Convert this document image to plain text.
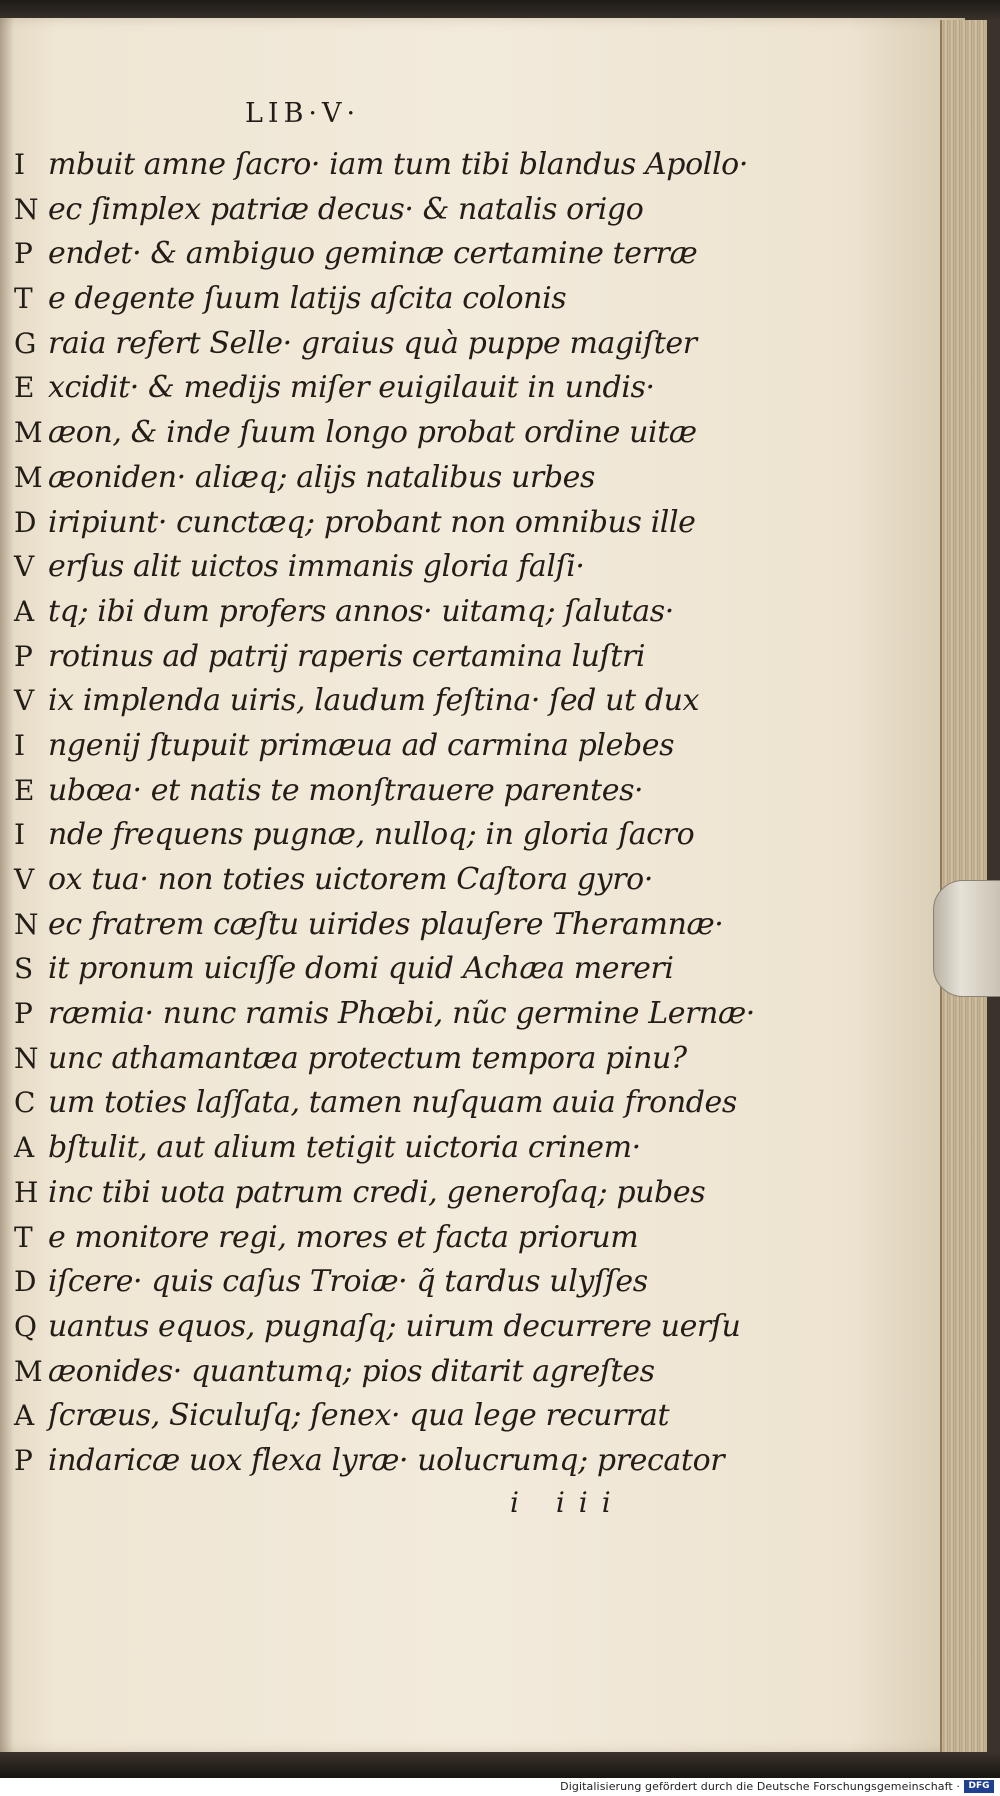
LIB·V·
I mbuit amne ſacro· iam tum tibi blandus Apollo·
N ec ſimplex patriæ decus· & natalis origo
P endet· & ambiguo geminæ certamine terræ
T e degente ſuum latijs aſcita colonis
G raia refert Selle· graius quà puppe magiſter
E xcidit· & medijs miſer euigilauit in undis·
M æon, & inde ſuum longo probat ordine uitæ
M æoniden· aliæq; alijs natalibus urbes
D iripiunt· cunctæq; probant non omnibus ille
V erſus alit uictos immanis gloria falſi·
A tq; ibi dum profers annos· uitamq; ſalutas·
P rotinus ad patrij raperis certamina luſtri
V ix implenda uiris, laudum feſtina· ſed ut dux
I ngenij ſtupuit primæua ad carmina plebes
E ubœa· et natis te monſtrauere parentes·
I nde frequens pugnæ, nulloq; in gloria ſacro
V ox tua· non toties uictorem Caſtora gyro·
N ec fratrem cæſtu uirides plauſere Theramnæ·
S it pronum uicıſſe domi quid Achæa mereri
P ræmia· nunc ramis Phœbi, nũc germine Lernæ·
N unc athamantæa protectum tempora pinu?
C um toties laſſata, tamen nuſquam auia frondes
A bſtulit, aut alium tetigit uictoria crinem·
H inc tibi uota patrum credi, generoſaq; pubes
T e monitore regi, mores et facta priorum
D iſcere· quis caſus Troiæ· q̃ tardus ulyſſes
Q uantus equos, pugnaſq; uirum decurrere uerſu
M æonides· quantumq; pios ditarit agreſtes
A ſcræus, Siculuſq; ſenex· qua lege recurrat
P indaricæ uox flexa lyræ· uolucrumq; precator
i iii
Digitalisierung gefördert durch die Deutsche Forschungsgemeinschaft · DFG
